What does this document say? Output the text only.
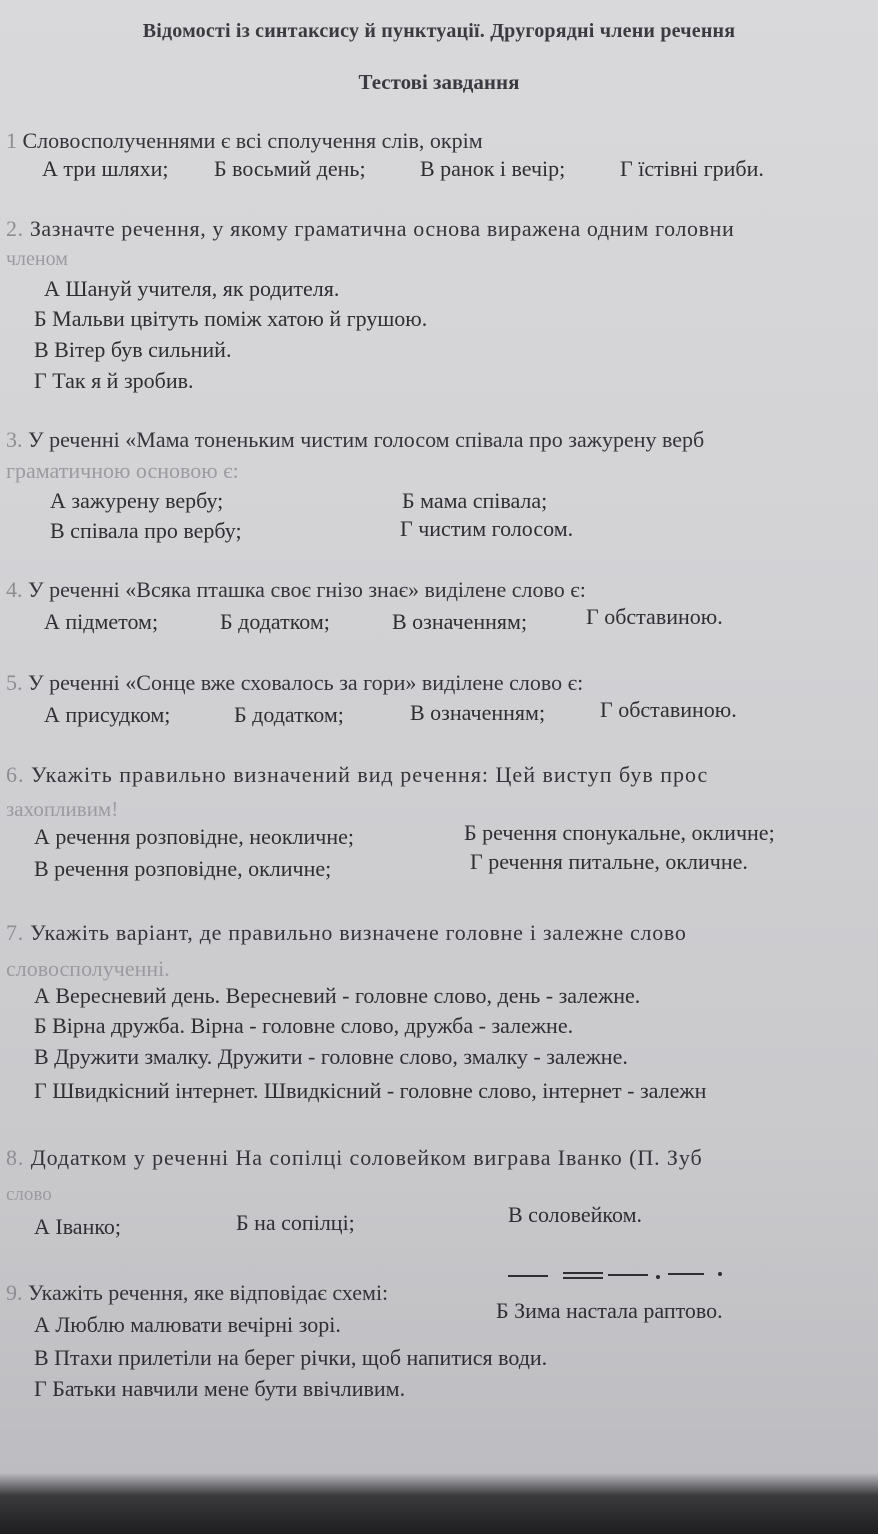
Відомості із синтаксису й пунктуації. Другорядні члени речення
Тестові завдання
1 Словосполученнями є всі сполучення слів, окрім
А три шляхи; Б восьмий день; В ранок і вечір; Г їстівні гриби.
2. Зазначте речення, у якому граматична основа виражена одним головни
членом
А Шануй учителя, як родителя.
Б Мальви цвітуть поміж хатою й грушою.
В Вітер був сильний.
Г Так я й зробив.
3. У реченні «Мама тоненьким чистим голосом співала про зажурену верб
граматичною основою є:
А зажурену вербу;	Б мама співала;
В співала про вербу;	Г чистим голосом.
4. У реченні «Всяка пташка своє гнізо знає» виділене слово є:
А підметом;	Б додатком;	В означенням;	Г обставиною.
5. У реченні «Сонце вже сховалось за гори» виділене слово є:
А присудком;	Б додатком;	В означенням; Г обставиною.
6. Укажіть правильно визначений вид речення: Цей виступ був прос
захопливим!
А речення розповідне, неокличне;	Б речення спонукальне, окличне;
В речення розповідне, окличне;	Г речення питальне, окличне.
7. Укажіть варіант, де правильно визначене головне і залежне слово
словосполученні.
А Вересневий день. Вересневий - головне слово, день - залежне.
Б Вірна дружба. Вірна - головне слово, дружба - залежне.
В Дружити змалку. Дружити - головне слово, змалку - залежне.
Г Швидкісний інтернет. Швидкісний - головне слово, інтернет - залежн
8. Додатком у реченні На сопілці соловейком вигрaва Іванко (П. Зуб
слово
А Іванко;	Б на сопілці;	В соловейком.
9. Укажіть речення, яке відповідає схемі:
А Люблю малювати вечірні зорі.
Б Зима настала раптово.
В Птахи прилетіли на берег річки, щоб напитися води.
Г Батьки навчили мене бути ввічливим.
